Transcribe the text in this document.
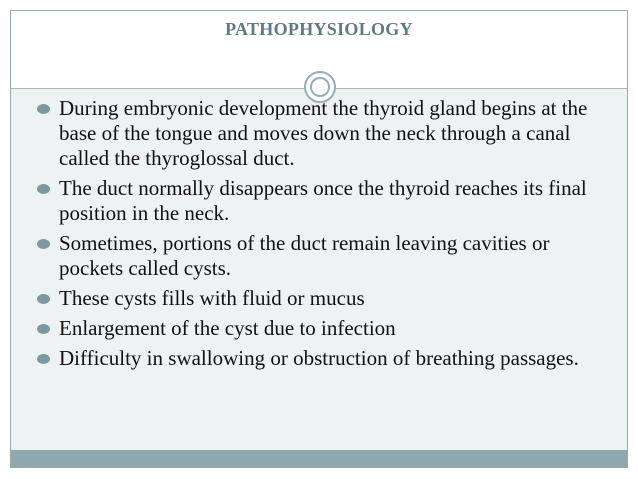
PATHOPHYSIOLOGY
During embryonic development the thyroid gland begins at the base of the tongue and moves down the neck through a canal called the thyroglossal duct.
The duct normally disappears once the thyroid reaches its final position in the neck.
Sometimes, portions of the duct remain leaving cavities or pockets called cysts.
These cysts fills with fluid or mucus
Enlargement of the cyst due to infection
Difficulty in swallowing or obstruction of breathing passages.
